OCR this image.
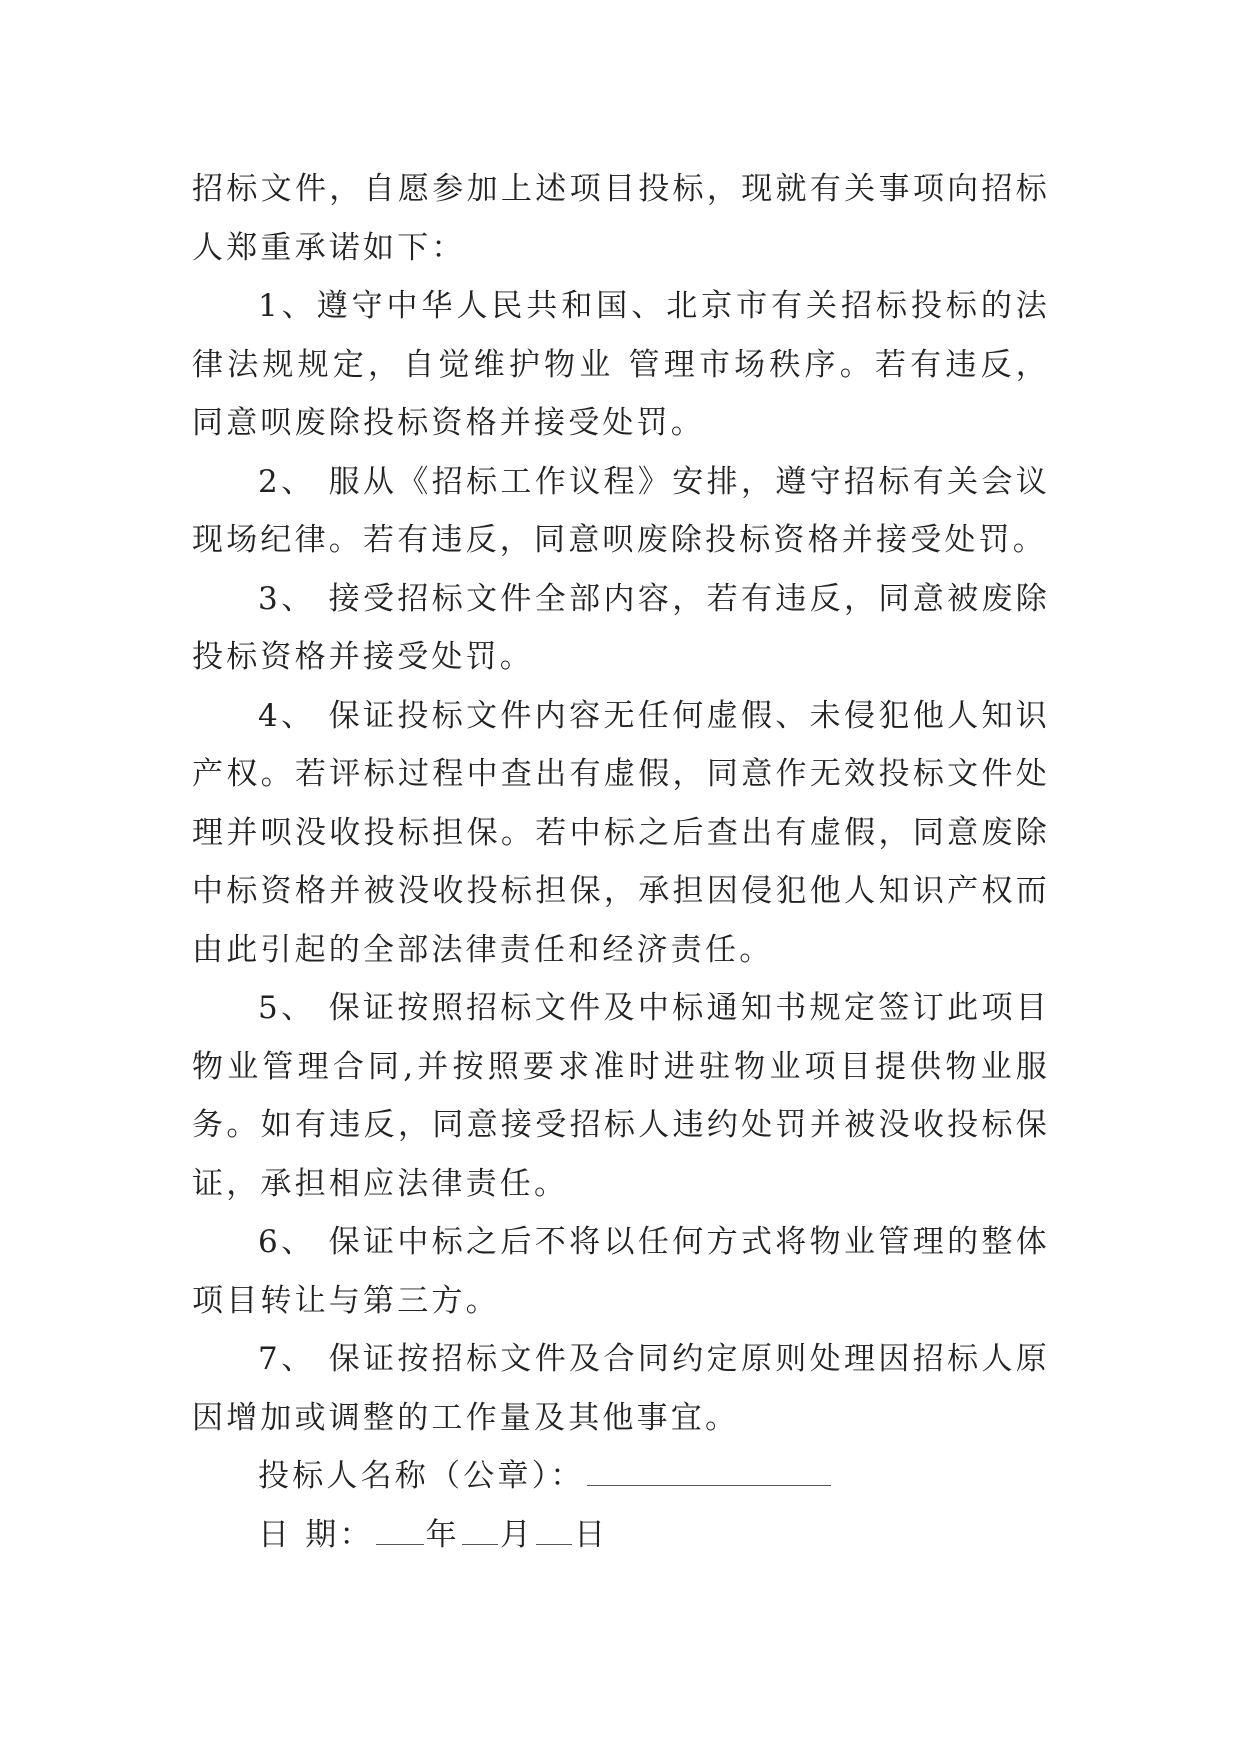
招标文件，自愿参加上述项目投标，现就有关事项向招标人郑重承诺如下：

1、遵守中华人民共和国、北京市有关招标投标的法律法规规定，自觉维护物业 管理市场秩序。若有违反，同意呗废除投标资格并接受处罚。

2、 服从《招标工作议程》安排，遵守招标有关会议现场纪律。若有违反，同意呗废除投标资格并接受处罚。

3、 接受招标文件全部内容，若有违反，同意被废除投标资格并接受处罚。

4、 保证投标文件内容无任何虚假、未侵犯他人知识产权。若评标过程中查出有虚假，同意作无效投标文件处理并呗没收投标担保。若中标之后查出有虚假，同意废除中标资格并被没收投标担保，承担因侵犯他人知识产权而由此引起的全部法律责任和经济责任。

5、 保证按照招标文件及中标通知书规定签订此项目物业管理合同,并按照要求准时进驻物业项目提供物业服务。如有违反，同意接受招标人违约处罚并被没收投标保证，承担相应法律责任。

6、 保证中标之后不将以任何方式将物业管理的整体项目转让与第三方。

7、 保证按招标文件及合同约定原则处理因招标人原因增加或调整的工作量及其他事宜。

投标人名称（公章）：

日 期： 年 月 日
